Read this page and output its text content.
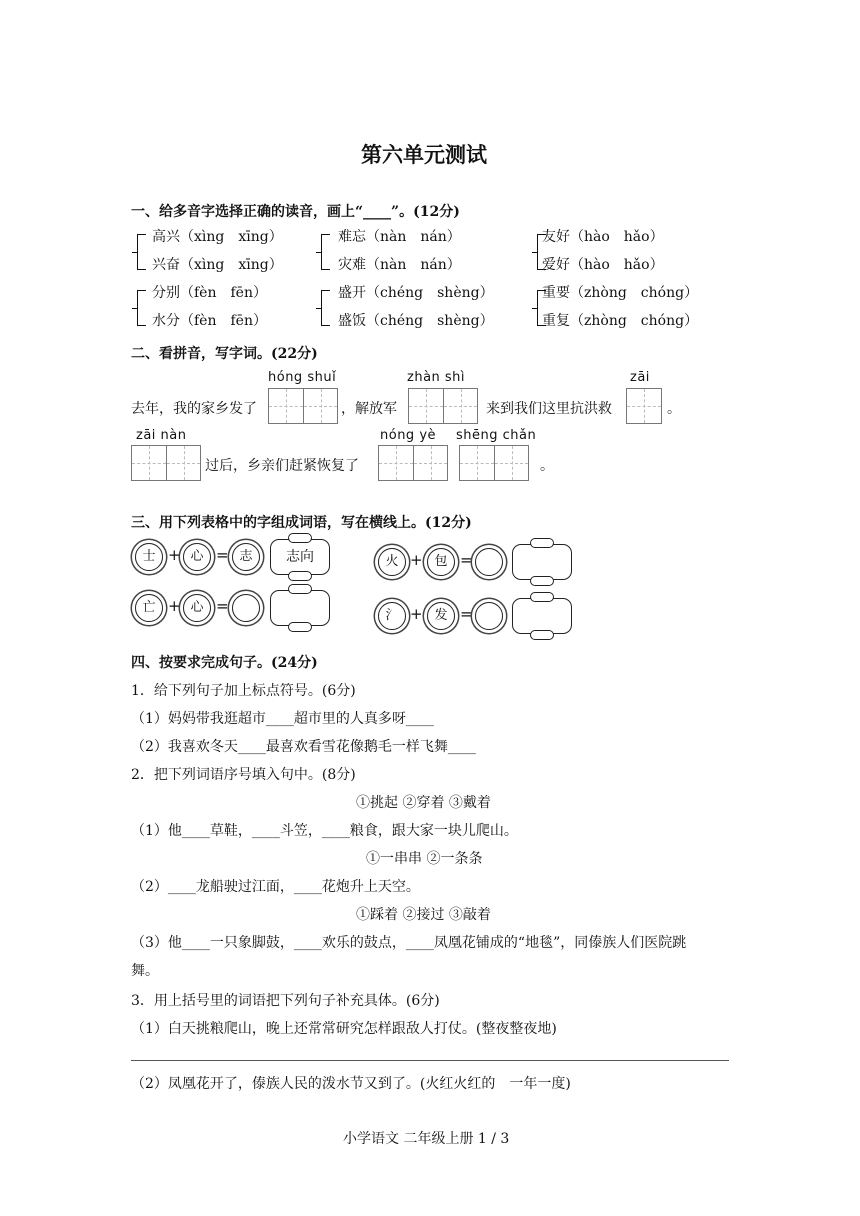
第六单元测试
一、给多音字选择正确的读音，画上“____”。(12分)
高兴（xìng　xīng）	难忘（nàn　nán）	友好（hào　hǎo）
兴奋（xìng　xīng）	灾难（nàn　nán）	爱好（hào　hǎo）
分别（fèn　fēn）	盛开（chéng　shèng）	重要（zhòng　chóng）
水分（fèn　fēn）	盛饭（chéng　shèng）	重复（zhòng　chóng）
二、看拼音，写字词。(22分)
hóng shuǐ	zhàn shì	zāi
去年，我的家乡发了	，解放军	来到我们这里抗洪救	。
zāi nàn	nóng yè shēng chǎn
过后，乡亲们赶紧恢复了	。
三、用下列表格中的字组成词语，写在横线上。(12分)
士 + 心 = 志	志向	火 + 包 =
亡 + 心 =
氵 + 发 =
四、按要求完成句子。(24分)
1．给下列句子加上标点符号。(6分)
（1）妈妈带我逛超市____超市里的人真多呀____
（2）我喜欢冬天____最喜欢看雪花像鹅毛一样飞舞____
2．把下列词语序号填入句中。(8分)
①挑起 ②穿着 ③戴着
（1）他____草鞋，____斗笠，____粮食，跟大家一块儿爬山。
①一串串 ②一条条
（2）____龙船驶过江面，____花炮升上天空。
①踩着 ②接过 ③敲着
（3）他____一只象脚鼓，____欢乐的鼓点，____凤凰花铺成的“地毯”，同傣族人们医院跳
舞。
3．用上括号里的词语把下列句子补充具体。(6分)
（1）白天挑粮爬山，晚上还常常研究怎样跟敌人打仗。(整夜整夜地)
（2）凤凰花开了，傣族人民的泼水节又到了。(火红火红的　一年一度)
小学语文 二年级上册 1 / 3
